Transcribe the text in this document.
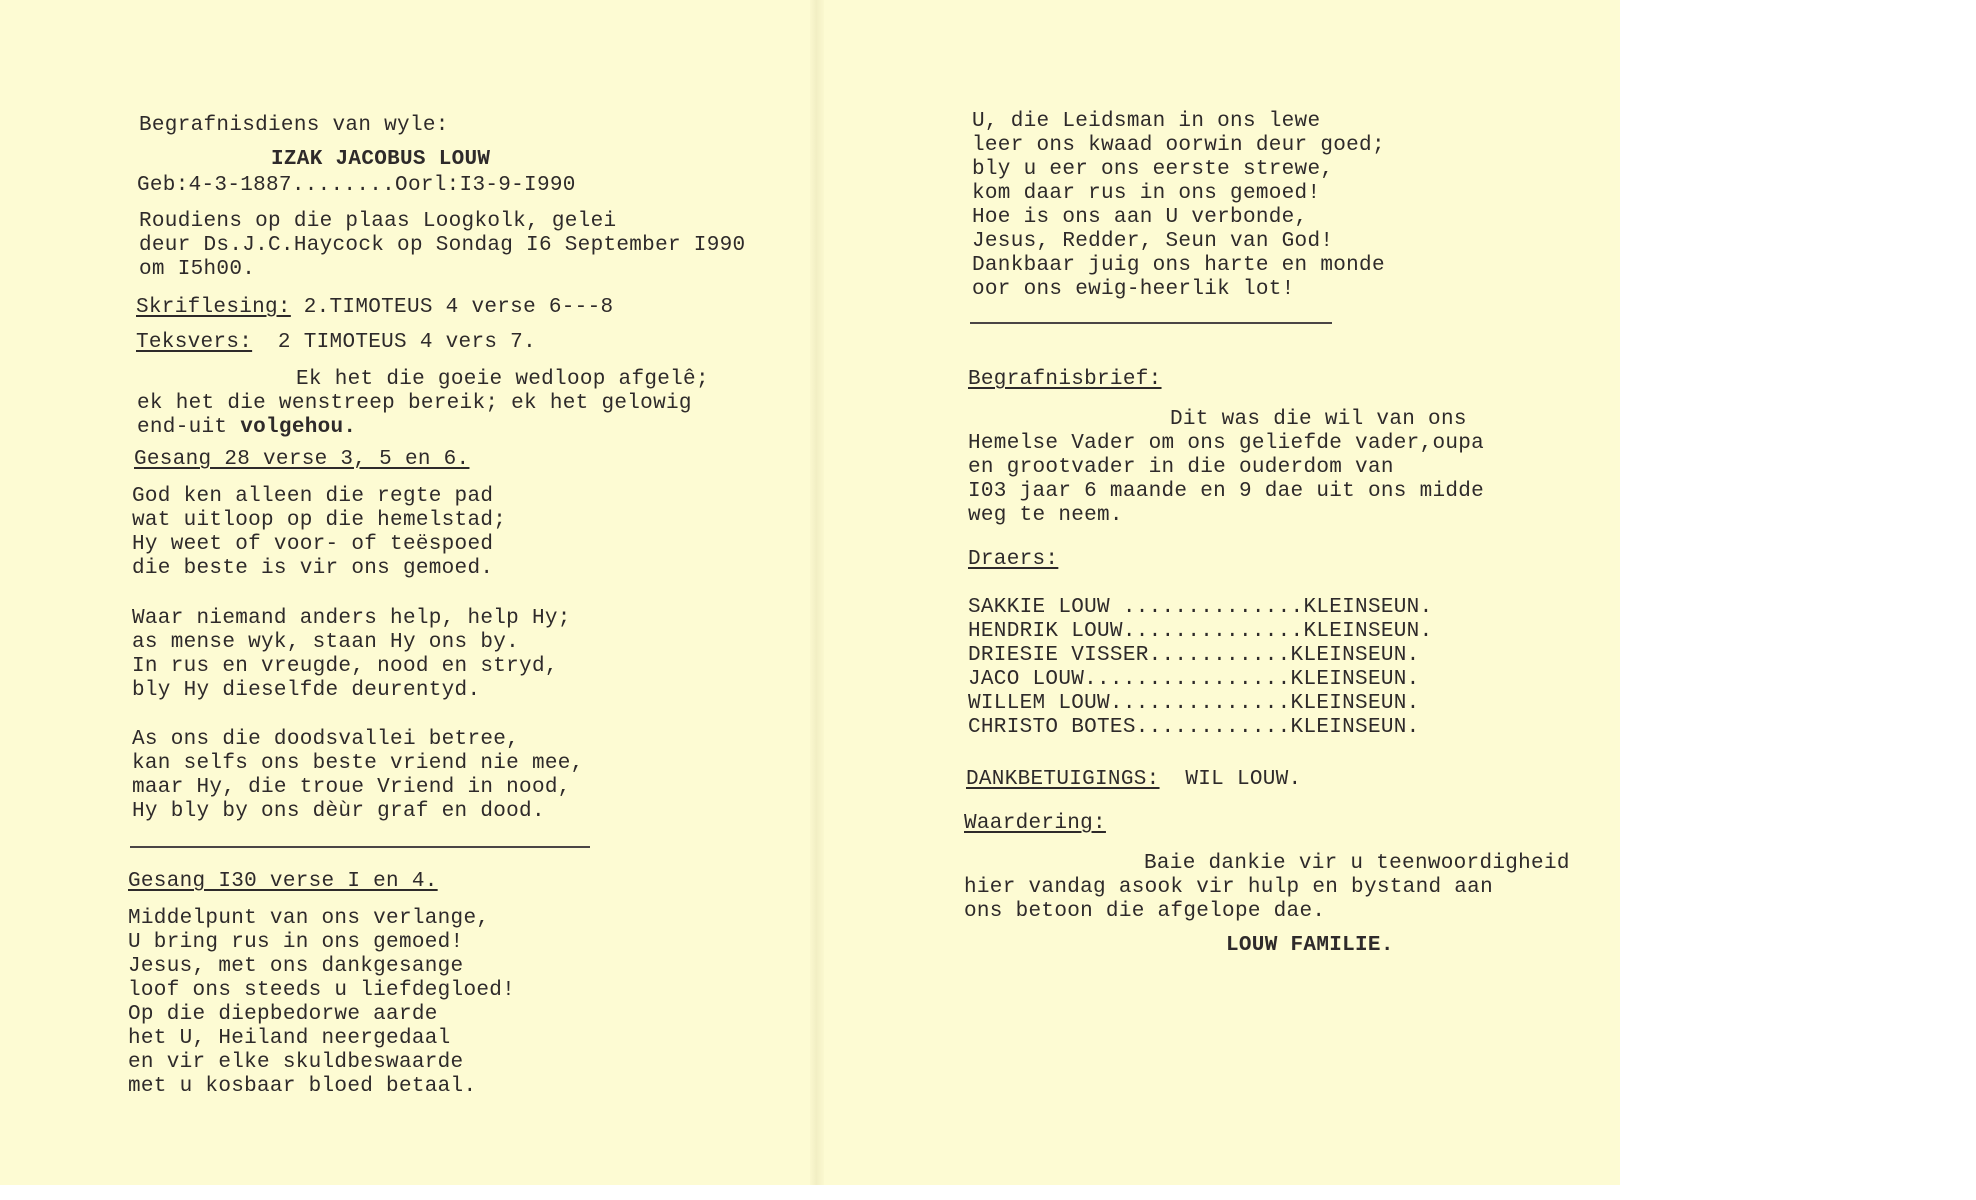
Begrafnisdiens van wyle:
IZAK JACOBUS LOUW
Geb:4-3-1887........Oorl:I3-9-I990
Roudiens op die plaas Loogkolk, gelei
deur Ds.J.C.Haycock op Sondag I6 September I990
om I5h00.
Skriflesing: 2.TIMOTEUS 4 verse 6---8
Teksvers:  2 TIMOTEUS 4 vers 7.
Ek het die goeie wedloop afgelê;
ek het die wenstreep bereik; ek het gelowig
end-uit volgehou.
Gesang 28 verse 3, 5 en 6.
God ken alleen die regte pad
wat uitloop op die hemelstad;
Hy weet of voor- of teëspoed
die beste is vir ons gemoed.
Waar niemand anders help, help Hy;
as mense wyk, staan Hy ons by.
In rus en vreugde, nood en stryd,
bly Hy dieselfde deurentyd.
As ons die doodsvallei betree,
kan selfs ons beste vriend nie mee,
maar Hy, die troue Vriend in nood,
Hy bly by ons dèùr graf en dood.
Gesang I30 verse I en 4.
Middelpunt van ons verlange,
U bring rus in ons gemoed!
Jesus, met ons dankgesange
loof ons steeds u liefdegloed!
Op die diepbedorwe aarde
het U, Heiland neergedaal
en vir elke skuldbeswaarde
met u kosbaar bloed betaal.
U, die Leidsman in ons lewe
leer ons kwaad oorwin deur goed;
bly u eer ons eerste strewe,
kom daar rus in ons gemoed!
Hoe is ons aan U verbonde,
Jesus, Redder, Seun van God!
Dankbaar juig ons harte en monde
oor ons ewig-heerlik lot!
Begrafnisbrief:
Dit was die wil van ons
Hemelse Vader om ons geliefde vader,oupa
en grootvader in die ouderdom van
I03 jaar 6 maande en 9 dae uit ons midde
weg te neem.
Draers:
SAKKIE LOUW ..............KLEINSEUN.
HENDRIK LOUW..............KLEINSEUN.
DRIESIE VISSER...........KLEINSEUN.
JACO LOUW................KLEINSEUN.
WILLEM LOUW..............KLEINSEUN.
CHRISTO BOTES............KLEINSEUN.
DANKBETUIGINGS:  WIL LOUW.
Waardering:
Baie dankie vir u teenwoordigheid
hier vandag asook vir hulp en bystand aan
ons betoon die afgelope dae.
LOUW FAMILIE.
